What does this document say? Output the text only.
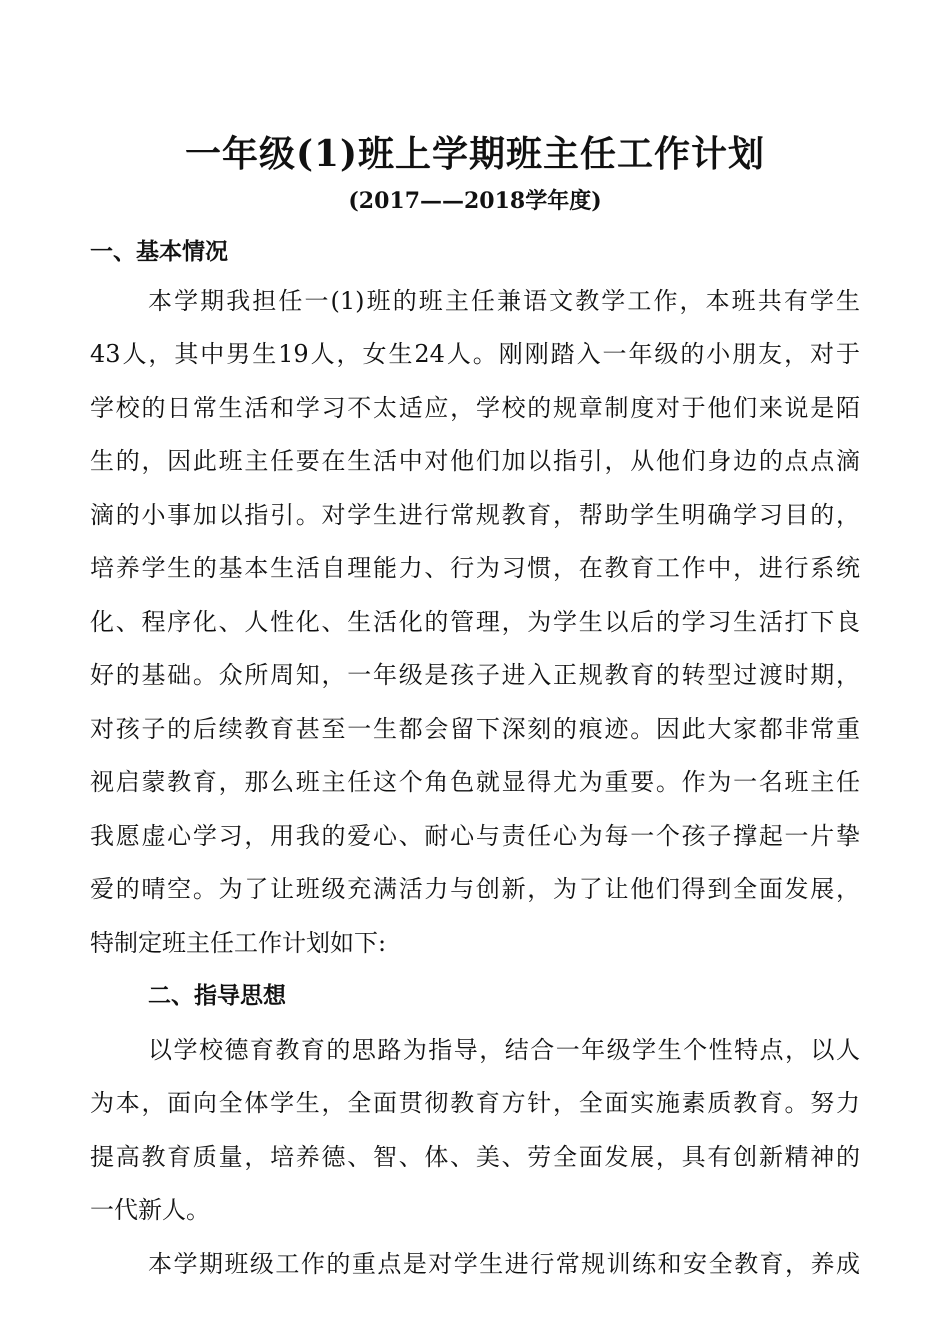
一年级(1)班上学期班主任工作计划
(2017——2018学年度)
一、基本情况
本学期我担任一(1)班的班主任兼语文教学工作，本班共有学生
43人，其中男生19人，女生24人。刚刚踏入一年级的小朋友，对于
学校的日常生活和学习不太适应，学校的规章制度对于他们来说是陌
生的，因此班主任要在生活中对他们加以指引，从他们身边的点点滴
滴的小事加以指引。对学生进行常规教育，帮助学生明确学习目的，
培养学生的基本生活自理能力、行为习惯，在教育工作中，进行系统
化、程序化、人性化、生活化的管理，为学生以后的学习生活打下良
好的基础。众所周知，一年级是孩子进入正规教育的转型过渡时期，
对孩子的后续教育甚至一生都会留下深刻的痕迹。因此大家都非常重
视启蒙教育，那么班主任这个角色就显得尤为重要。作为一名班主任
我愿虚心学习，用我的爱心、耐心与责任心为每一个孩子撑起一片挚
爱的晴空。为了让班级充满活力与创新，为了让他们得到全面发展，
特制定班主任工作计划如下:
二、指导思想
以学校德育教育的思路为指导，结合一年级学生个性特点，以人
为本，面向全体学生，全面贯彻教育方针，全面实施素质教育。努力
提高教育质量，培养德、智、体、美、劳全面发展，具有创新精神的
一代新人。
本学期班级工作的重点是对学生进行常规训练和安全教育，养成
